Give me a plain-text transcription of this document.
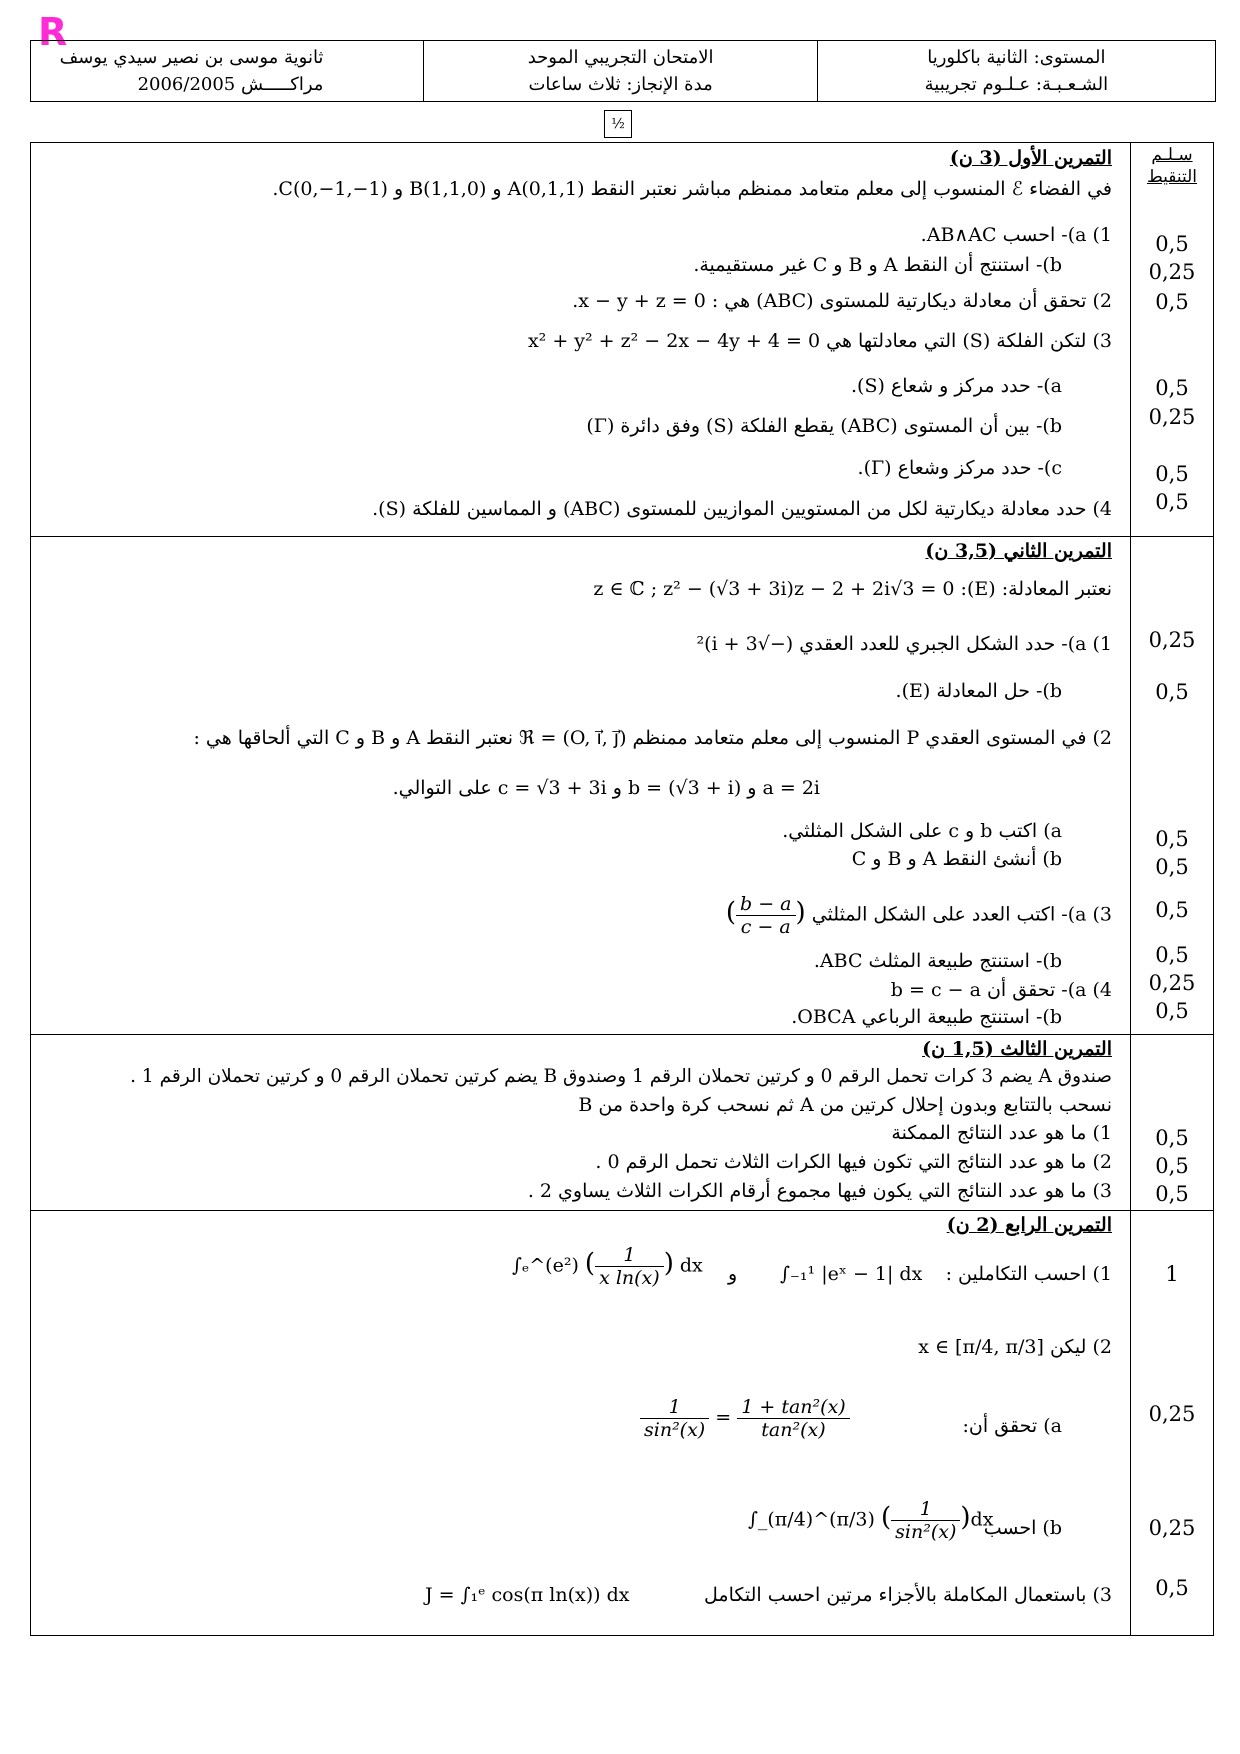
R
المستوى: الثانية باكلوريا
الشـعـبـة: عـلـوم تجريبية
الامتحان التجريبي الموحد
مدة الإنجاز: ثلاث ساعات
ثانوية موسى بن نصير سيدي يوسف
مراكـــــش 2006/2005
½
سـلـم
التنقيط
التمرين الأول (3 ن)
في الفضاء ℰ المنسوب إلى معلم متعامد ممنظم مباشر نعتبر النقط A(0,1,1) و B(1,1,0) و C(0,−1,−1).
1) a)- احسب AB∧AC.
b)- استنتج أن النقط A و B و C غير مستقيمية.
2) تحقق أن معادلة ديكارتية للمستوى (ABC) هي : x − y + z = 0.
3) لتكن الفلكة (S) التي معادلتها هي x² + y² + z² − 2x − 4y + 4 = 0
a)- حدد مركز و شعاع (S).
b)- بين أن المستوى (ABC) يقطع الفلكة (S) وفق دائرة (Γ)
c)- حدد مركز وشعاع (Γ).
4) حدد معادلة ديكارتية لكل من المستويين الموازيين للمستوى (ABC) و المماسين للفلكة (S).
0,5
0,25
0,5
0,5
0,25
0,5
0,5
التمرين الثاني (3,5 ن)
نعتبر المعادلة: (E): z ∈ ℂ ; z² − (√3 + 3i)z − 2 + 2i√3 = 0
1) a)- حدد الشكل الجبري للعدد العقدي (−√3 + i)²
b)- حل المعادلة (E).
2) في المستوى العقدي P المنسوب إلى معلم متعامد ممنظم ℜ = (O, i⃗, j⃗) نعتبر النقط A و B و C التي ألحاقها هي :
a = 2i و b = (√3 + i) و c = √3 + 3i على التوالي.
a) اكتب b و c على الشكل المثلثي.
b) أنشئ النقط A و B و C
3) a)- اكتب العدد على الشكل المثلثي (
$\frac{b - a}{c - a}$
)
b)- استنتج طبيعة المثلث ABC.
4) a)- تحقق أن b = c − a
b)- استنتج طبيعة الرباعي OBCA.
0,25
0,5
0,5
0,5
0,5
0,5
0,25
0,5
التمرين الثالث (1,5 ن)
صندوق A يضم 3 كرات تحمل الرقم 0 و كرتين تحملان الرقم 1 وصندوق B يضم كرتين تحملان الرقم 0 و كرتين تحملان الرقم 1 .
نسحب بالتتابع وبدون إحلال كرتين من A ثم نسحب كرة واحدة من B
1) ما هو عدد النتائج الممكنة
2) ما هو عدد النتائج التي تكون فيها الكرات الثلاث تحمل الرقم 0 .
3) ما هو عدد النتائج التي يكون فيها مجموع أرقام الكرات الثلاث يساوي 2 .
0,5
0,5
0,5
التمرين الرابع (2 ن)
1) احسب التكاملين :
∫₋₁¹ |eˣ − 1| dx
و
∫ₑ^(e²) ( $\frac{1}{\text{x ln(x)}}$ ) dx
2) ليكن x ∈ [π/4, π/3]
a) تحقق أن:
$\frac{1}{\text{sin²(x)}} = \frac{\text{1 + tan²(x)}}{\text{tan²(x)}}$
b) احسب
∫_(π/4)^(π/3) ( $\frac{1}{\text{sin²(x)}} )dx$
3) باستعمال المكاملة بالأجزاء مرتين احسب التكامل
J = ∫₁ᵉ cos(π ln(x)) dx
1
0,25
0,25
0,5
